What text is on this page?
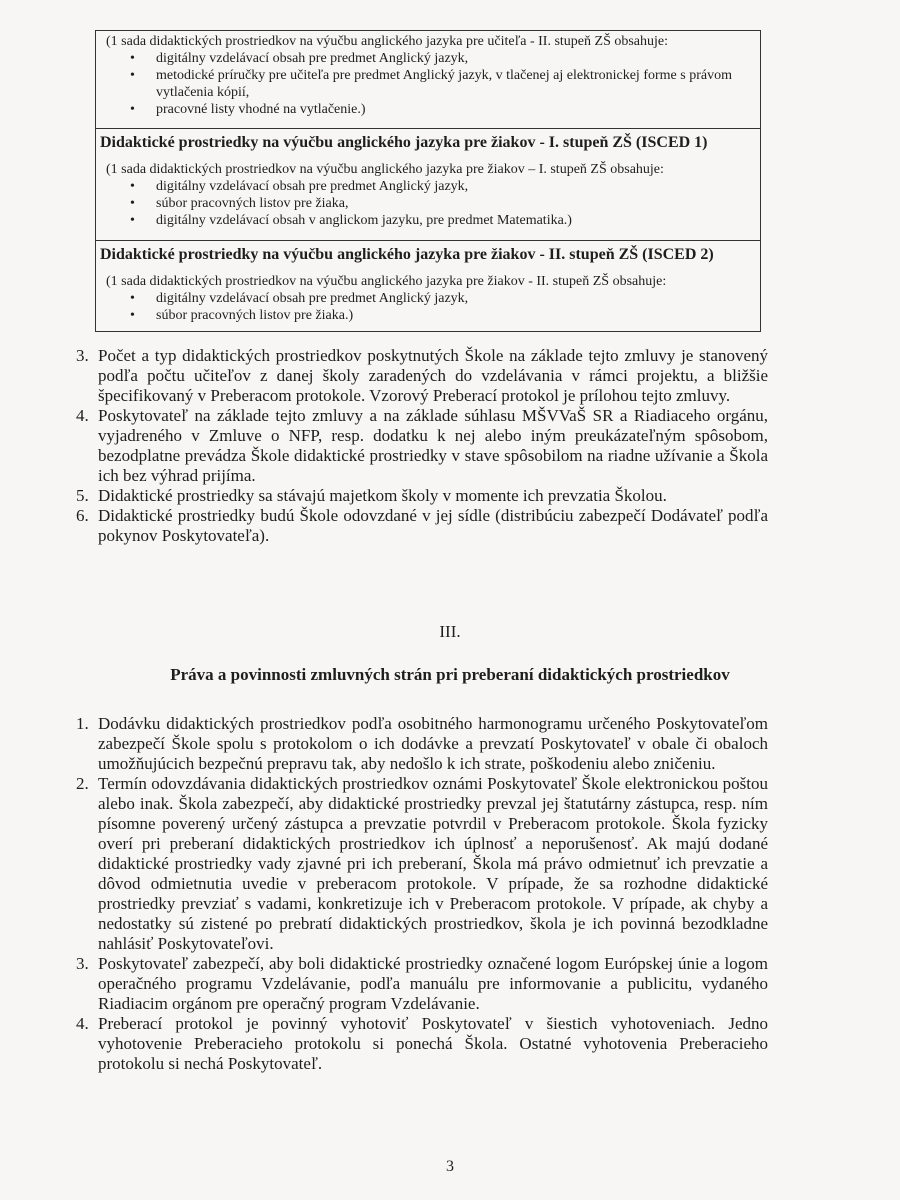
(1 sada didaktických prostriedkov na výučbu anglického jazyka pre učiteľa - II. stupeň ZŠ obsahuje:
• digitálny vzdelávací obsah pre predmet Anglický jazyk,
• metodické príručky pre učiteľa pre predmet Anglický jazyk, v tlačenej aj elektronickej forme s právom vytlačenia kópií,
• pracovné listy vhodné na vytlačenie.)
Didaktické prostriedky na výučbu anglického jazyka pre žiakov - I. stupeň ZŠ (ISCED 1)
(1 sada didaktických prostriedkov na výučbu anglického jazyka pre žiakov – I. stupeň ZŠ obsahuje:
• digitálny vzdelávací obsah pre predmet Anglický jazyk,
• súbor pracovných listov pre žiaka,
• digitálny vzdelávací obsah v anglickom jazyku, pre predmet Matematika.)
Didaktické prostriedky na výučbu anglického jazyka pre žiakov - II. stupeň ZŠ (ISCED 2)
(1 sada didaktických prostriedkov na výučbu anglického jazyka pre žiakov - II. stupeň ZŠ obsahuje:
• digitálny vzdelávací obsah pre predmet Anglický jazyk,
• súbor pracovných listov pre žiaka.)
3. Počet a typ didaktických prostriedkov poskytnutých Škole na základe tejto zmluvy je stanovený podľa počtu učiteľov z danej školy zaradených do vzdelávania v rámci projektu, a bližšie špecifikovaný v Preberacom protokole. Vzorový Preberací protokol je prílohou tejto zmluvy.
4. Poskytovateľ na základe tejto zmluvy a na základe súhlasu MŠVVaŠ SR a Riadiaceho orgánu, vyjadreného v Zmluve o NFP, resp. dodatku k nej alebo iným preukázateľným spôsobom, bezodplatne prevádza Škole didaktické prostriedky v stave spôsobilom na riadne užívanie a Škola ich bez výhrad prijíma.
5. Didaktické prostriedky sa stávajú majetkom školy v momente ich prevzatia Školou.
6. Didaktické prostriedky budú Škole odovzdané v jej sídle (distribúciu zabezpečí Dodávateľ podľa pokynov Poskytovateľa).
III.
Práva a povinnosti zmluvných strán pri preberaní didaktických prostriedkov
1. Dodávku didaktických prostriedkov podľa osobitného harmonogramu určeného Poskytovateľom zabezpečí Škole spolu s protokolom o ich dodávke a prevzatí Poskytovateľ v obale či obaloch umožňujúcich bezpečnú prepravu tak, aby nedošlo k ich strate, poškodeniu alebo zničeniu.
2. Termín odovzdávania didaktických prostriedkov oznámi Poskytovateľ Škole elektronickou poštou alebo inak. Škola zabezpečí, aby didaktické prostriedky prevzal jej štatutárny zástupca, resp. ním písomne poverený určený zástupca a prevzatie potvrdil v Preberacom protokole. Škola fyzicky overí pri preberaní didaktických prostriedkov ich úplnosť a neporušenosť. Ak majú dodané didaktické prostriedky vady zjavné pri ich preberaní, Škola má právo odmietnuť ich prevzatie a dôvod odmietnutia uvedie v preberacom protokole. V prípade, že sa rozhodne didaktické prostriedky prevziať s vadami, konkretizuje ich v Preberacom protokole. V prípade, ak chyby a nedostatky sú zistené po prebratí didaktických prostriedkov, škola je ich povinná bezodkladne nahlásiť Poskytovateľovi.
3. Poskytovateľ zabezpečí, aby boli didaktické prostriedky označené logom Európskej únie a logom operačného programu Vzdelávanie, podľa manuálu pre informovanie a publicitu, vydaného Riadiacim orgánom pre operačný program Vzdelávanie.
4. Preberací protokol je povinný vyhotoviť Poskytovateľ v šiestich vyhotoveniach. Jedno vyhotovenie Preberacieho protokolu si ponechá Škola. Ostatné vyhotovenia Preberacieho protokolu si nechá Poskytovateľ.
3
